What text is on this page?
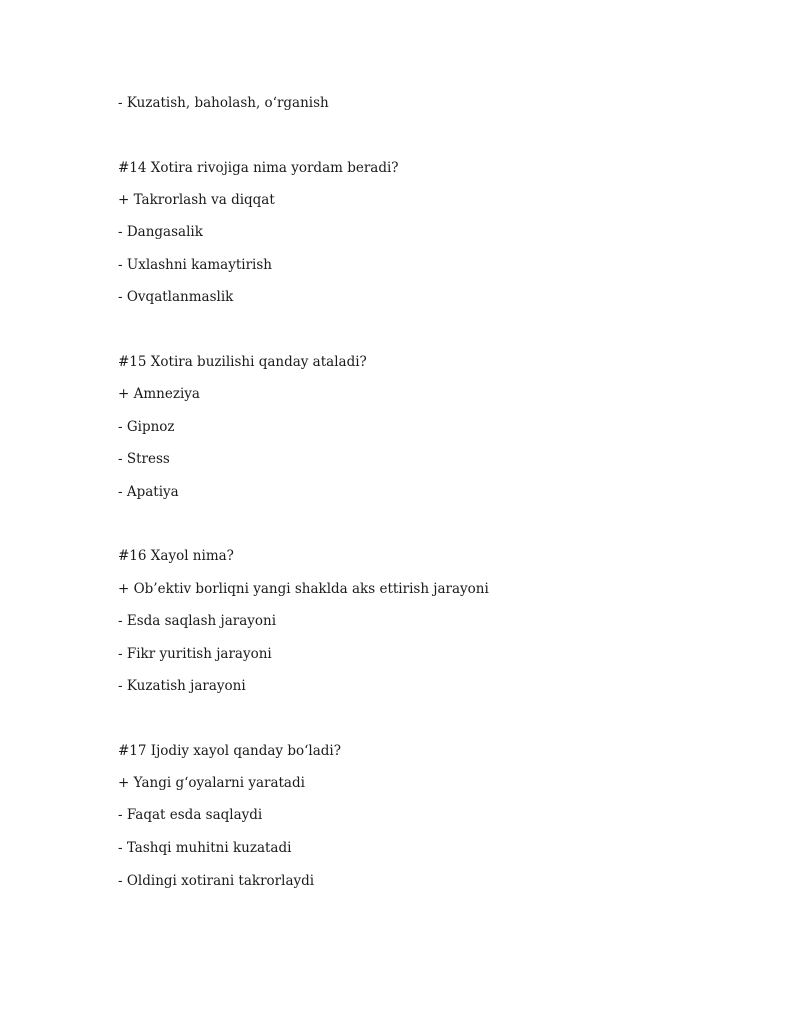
- Kuzatish, baholash, o‘rganish
#14 Xotira rivojiga nima yordam beradi?
+ Takrorlash va diqqat
- Dangasalik
- Uxlashni kamaytirish
- Ovqatlanmaslik
#15 Xotira buzilishi qanday ataladi?
+ Amneziya
- Gipnoz
- Stress
- Apatiya
#16 Xayol nima?
+ Ob’ektiv borliqni yangi shaklda aks ettirish jarayoni
- Esda saqlash jarayoni
- Fikr yuritish jarayoni
- Kuzatish jarayoni
#17 Ijodiy xayol qanday bo‘ladi?
+ Yangi g‘oyalarni yaratadi
- Faqat esda saqlaydi
- Tashqi muhitni kuzatadi
- Oldingi xotirani takrorlaydi
